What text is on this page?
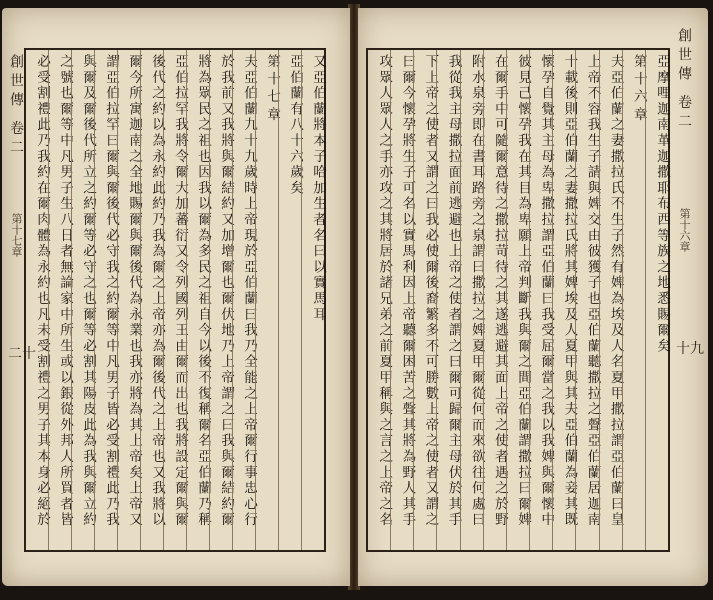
創世傳 卷二
第十七章
二十
又亞伯蘭將本子哈加生者名曰以實馬耳
亞伯蘭有八十六歲矣
第十七章
夫亞伯蘭九十九歲時上帝現於亞伯蘭曰我乃全能之上帝爾行事忠心行
於我前又我將與爾結約又加增爾也爾伏地乃上帝謂之曰我與爾結約爾
將為眾民之祖也因我以爾為多民之祖自今以後不復稱爾名亞伯蘭乃稱
亞伯拉罕我將令爾大加蕃衍又令列國列王由爾而出也我將設定爾與爾
後代之約以為永約此約乃我為爾之上帝亦為爾後代之上帝也又我將以
爾今所寓迦南之全地賜爾與爾後代為永業也我亦將為其上帝矣上帝又
謂亞伯拉罕曰爾與爾後代必守我之約爾等中凡男子皆必受割禮此乃我
與爾及爾後代所立之約爾等必守之也爾等必割其陽皮此為我與爾立約
之號也爾等中凡男子生八日者無論家中所生或以銀從外邦人所買者皆
必受割禮此乃我約在爾肉體為永約也凡未受割禮之男子其本身必絕於	創世傳 卷二
第十六章
十九
亞摩哩迦南革迦撒耶布西等族之地悉賜爾矣
第十六章
夫亞伯蘭之妻撒拉氏不生子然有婢為埃及人名夏甲撒拉謂亞伯蘭曰皇
上帝不容我生子請與婢交由彼獲子也亞伯蘭聽撒拉之聲亞伯蘭居迦南
十載後則亞伯蘭之妻撒拉氏將其婢埃及人夏甲與其夫亞伯蘭為妾其既
懷孕自覺其主母為卑撒拉謂亞伯蘭曰我受屈爾當之我以我婢與爾懷中
彼見己懷孕我在其目為卑願上帝判斷我與爾之間亞伯蘭謂撒拉曰爾婢
在爾手中可隨爾意待之撒拉苛待之其遂逃避其面上帝之使者遇之於野
附水泉旁即在書耳路旁之泉謂曰撒拉之婢夏甲爾從何而來欲往何處曰
我從我主母撒拉面前逃避也上帝之使者謂之曰爾可歸爾主母伏於其手
下上帝之使者又謂之曰我必使爾後裔繁多不可勝數上帝之使者又謂之
曰爾今懷孕將生子可名以實馬利因上帝聽爾困苦之聲其將為野人其手
攻眾人眾人之手亦攻之其將居於諸兄弟之前夏甲稱與之言之上帝之名
